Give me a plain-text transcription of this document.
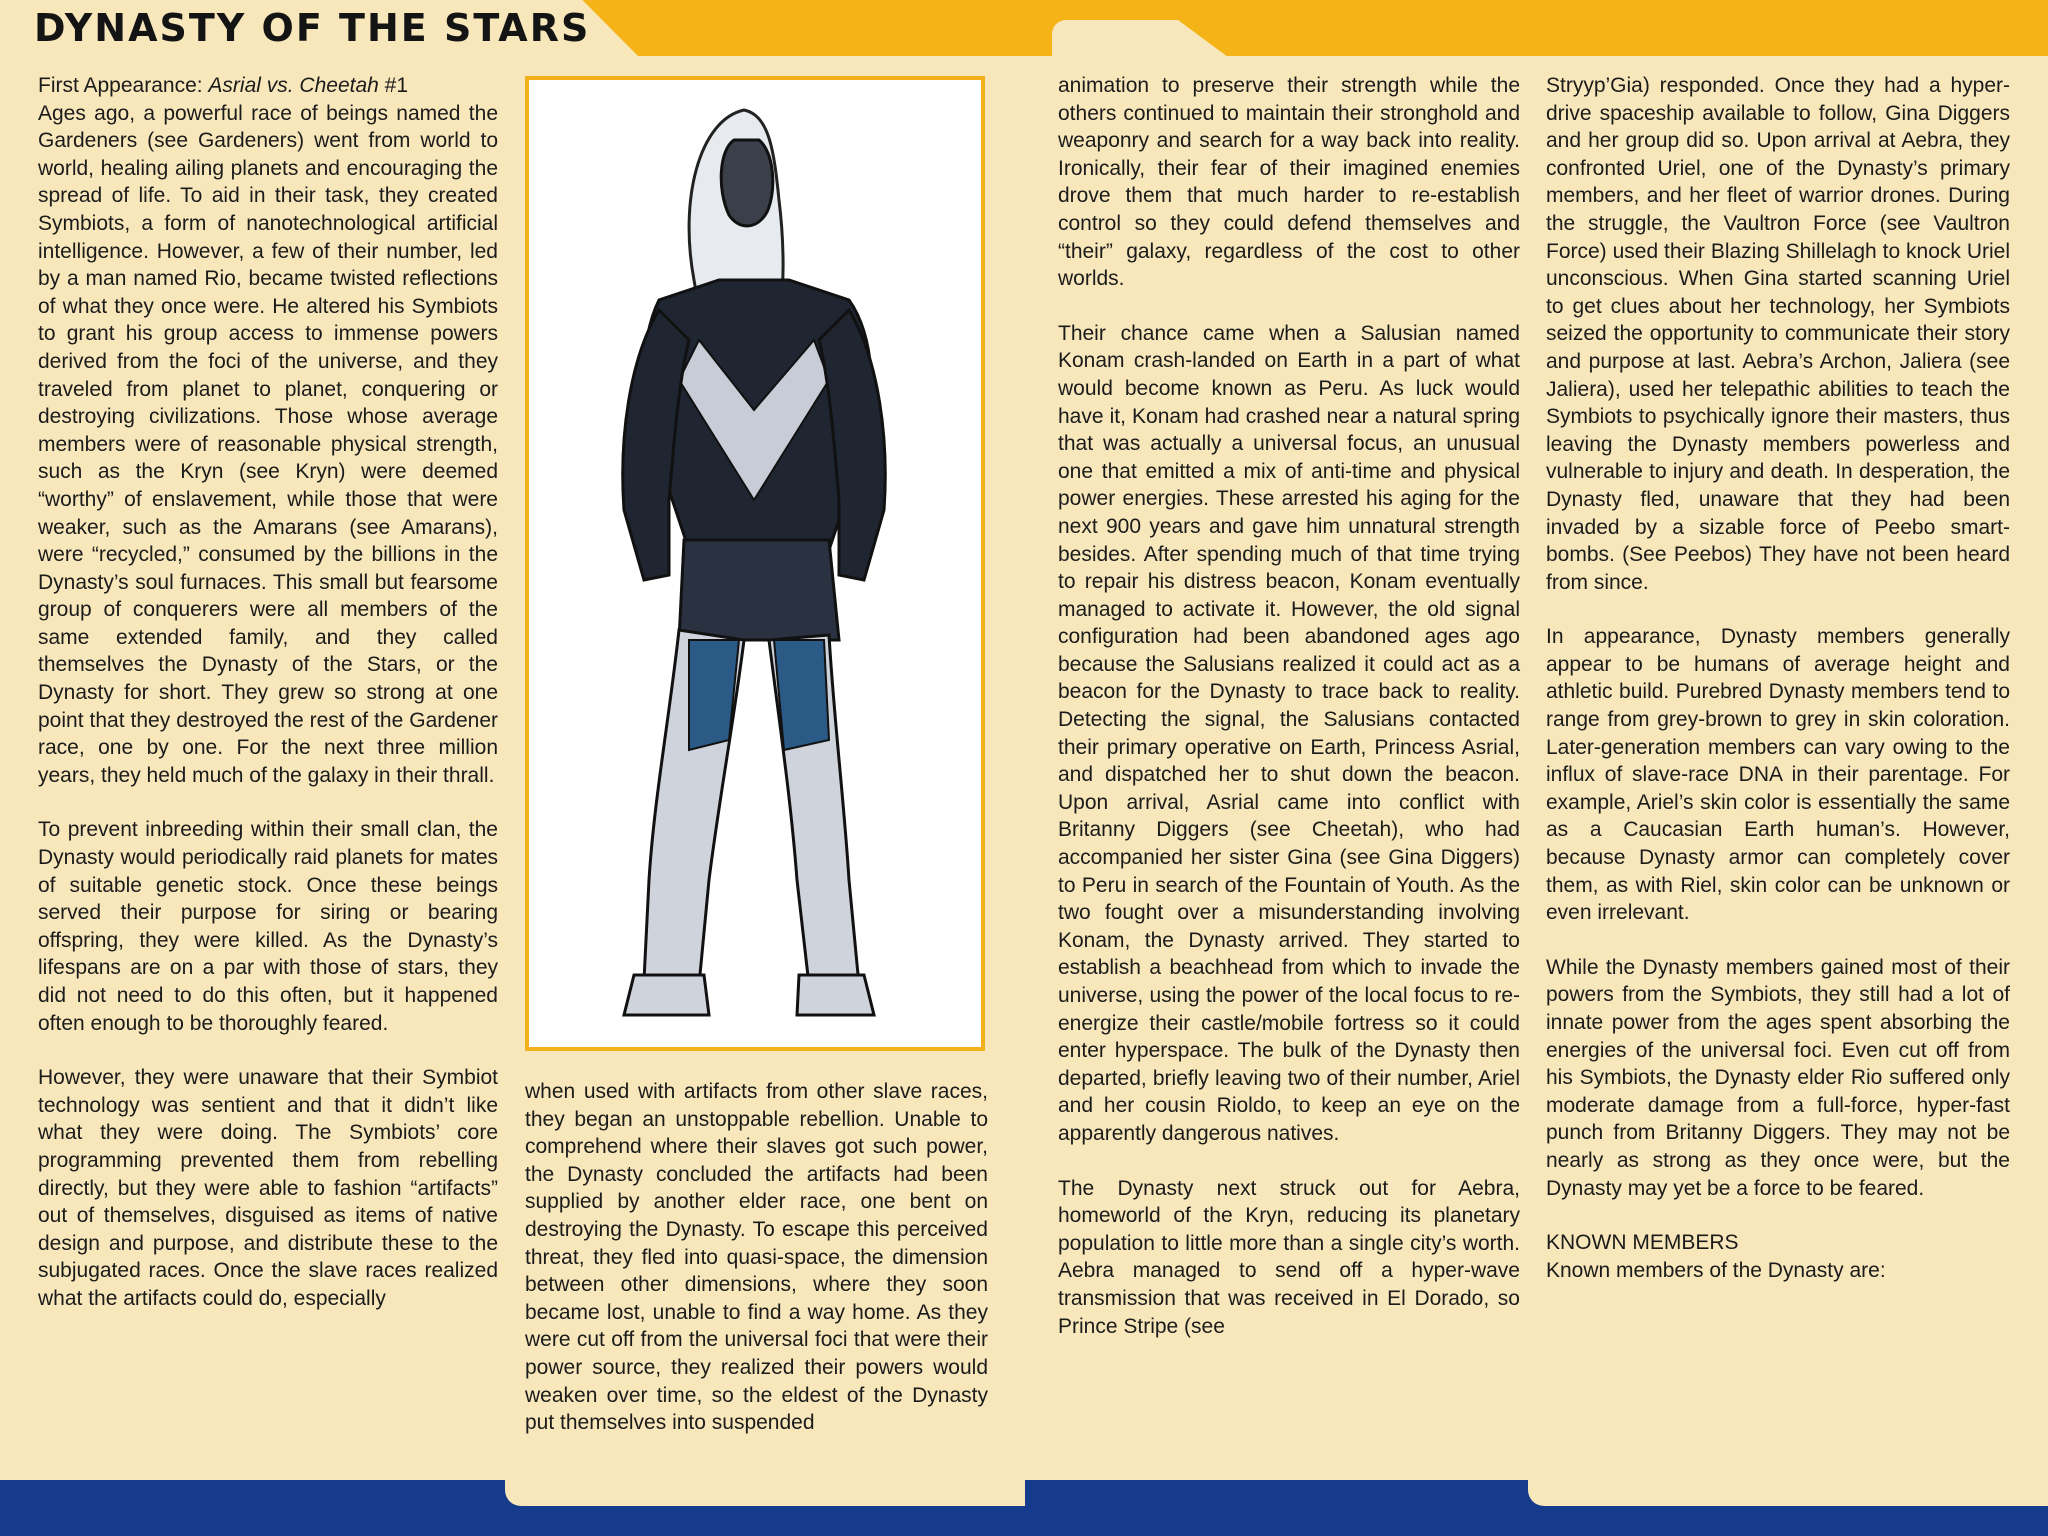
DYNASTY OF THE STARS

First Appearance: Asrial vs. Cheetah #1

Ages ago, a powerful race of beings named the Gardeners (see Gardeners) went from world to world, healing ailing planets and encouraging the spread of life. To aid in their task, they created Symbiots, a form of nanotechnological artificial intelligence. However, a few of their number, led by a man named Rio, became twisted reflections of what they once were. He altered his Symbiots to grant his group access to immense powers derived from the foci of the universe, and they traveled from planet to planet, conquering or destroying civilizations. Those whose average members were of reasonable physical strength, such as the Kryn (see Kryn) were deemed “worthy” of enslavement, while those that were weaker, such as the Amarans (see Amarans), were “recycled,” consumed by the billions in the Dynasty’s soul furnaces. This small but fearsome group of conquerers were all members of the same extended family, and they called themselves the Dynasty of the Stars, or the Dynasty for short. They grew so strong at one point that they destroyed the rest of the Gardener race, one by one. For the next three million years, they held much of the galaxy in their thrall.

To prevent inbreeding within their small clan, the Dynasty would periodically raid planets for mates of suitable genetic stock. Once these beings served their purpose for siring or bearing offspring, they were killed. As the Dynasty’s lifespans are on a par with those of stars, they did not need to do this often, but it happened often enough to be thoroughly feared.

However, they were unaware that their Symbiot technology was sentient and that it didn’t like what they were doing. The Symbiots’ core programming prevented them from rebelling directly, but they were able to fashion “artifacts” out of themselves, disguised as items of native design and purpose, and distribute these to the subjugated races. Once the slave races realized what the artifacts could do, especially

when used with artifacts from other slave races, they began an unstoppable rebellion. Unable to comprehend where their slaves got such power, the Dynasty concluded the artifacts had been supplied by another elder race, one bent on destroying the Dynasty. To escape this perceived threat, they fled into quasi-space, the dimension between other dimensions, where they soon became lost, unable to find a way home. As they were cut off from the universal foci that were their power source, they realized their powers would weaken over time, so the eldest of the Dynasty put themselves into suspended

animation to preserve their strength while the others continued to maintain their stronghold and weaponry and search for a way back into reality. Ironically, their fear of their imagined enemies drove them that much harder to re-establish control so they could defend themselves and “their” galaxy, regardless of the cost to other worlds.

Their chance came when a Salusian named Konam crash-landed on Earth in a part of what would become known as Peru. As luck would have it, Konam had crashed near a natural spring that was actually a universal focus, an unusual one that emitted a mix of anti-time and physical power energies. These arrested his aging for the next 900 years and gave him unnatural strength besides. After spending much of that time trying to repair his distress beacon, Konam eventually managed to activate it. However, the old signal configuration had been abandoned ages ago because the Salusians realized it could act as a beacon for the Dynasty to trace back to reality. Detecting the signal, the Salusians contacted their primary operative on Earth, Princess Asrial, and dispatched her to shut down the beacon. Upon arrival, Asrial came into conflict with Britanny Diggers (see Cheetah), who had accompanied her sister Gina (see Gina Diggers) to Peru in search of the Fountain of Youth. As the two fought over a misunderstanding involving Konam, the Dynasty arrived. They started to establish a beachhead from which to invade the universe, using the power of the local focus to re-energize their castle/mobile fortress so it could enter hyperspace. The bulk of the Dynasty then departed, briefly leaving two of their number, Ariel and her cousin Rioldo, to keep an eye on the apparently dangerous natives.

The Dynasty next struck out for Aebra, homeworld of the Kryn, reducing its planetary population to little more than a single city’s worth. Aebra managed to send off a hyper-wave transmission that was received in El Dorado, so Prince Stripe (see

Stryyp’Gia) responded. Once they had a hyper-drive spaceship available to follow, Gina Diggers and her group did so. Upon arrival at Aebra, they confronted Uriel, one of the Dynasty’s primary members, and her fleet of warrior drones. During the struggle, the Vaultron Force (see Vaultron Force) used their Blazing Shillelagh to knock Uriel unconscious. When Gina started scanning Uriel to get clues about her technology, her Symbiots seized the opportunity to communicate their story and purpose at last. Aebra’s Archon, Jaliera (see Jaliera), used her telepathic abilities to teach the Symbiots to psychically ignore their masters, thus leaving the Dynasty members powerless and vulnerable to injury and death. In desperation, the Dynasty fled, unaware that they had been invaded by a sizable force of Peebo smart-bombs. (See Peebos) They have not been heard from since.

In appearance, Dynasty members generally appear to be humans of average height and athletic build. Purebred Dynasty members tend to range from grey-brown to grey in skin coloration. Later-generation members can vary owing to the influx of slave-race DNA in their parentage. For example, Ariel’s skin color is essentially the same as a Caucasian Earth human’s. However, because Dynasty armor can completely cover them, as with Riel, skin color can be unknown or even irrelevant.

While the Dynasty members gained most of their powers from the Symbiots, they still had a lot of innate power from the ages spent absorbing the energies of the universal foci. Even cut off from his Symbiots, the Dynasty elder Rio suffered only moderate damage from a full-force, hyper-fast punch from Britanny Diggers. They may not be nearly as strong as they once were, but the Dynasty may yet be a force to be feared.

KNOWN MEMBERS

Known members of the Dynasty are:
